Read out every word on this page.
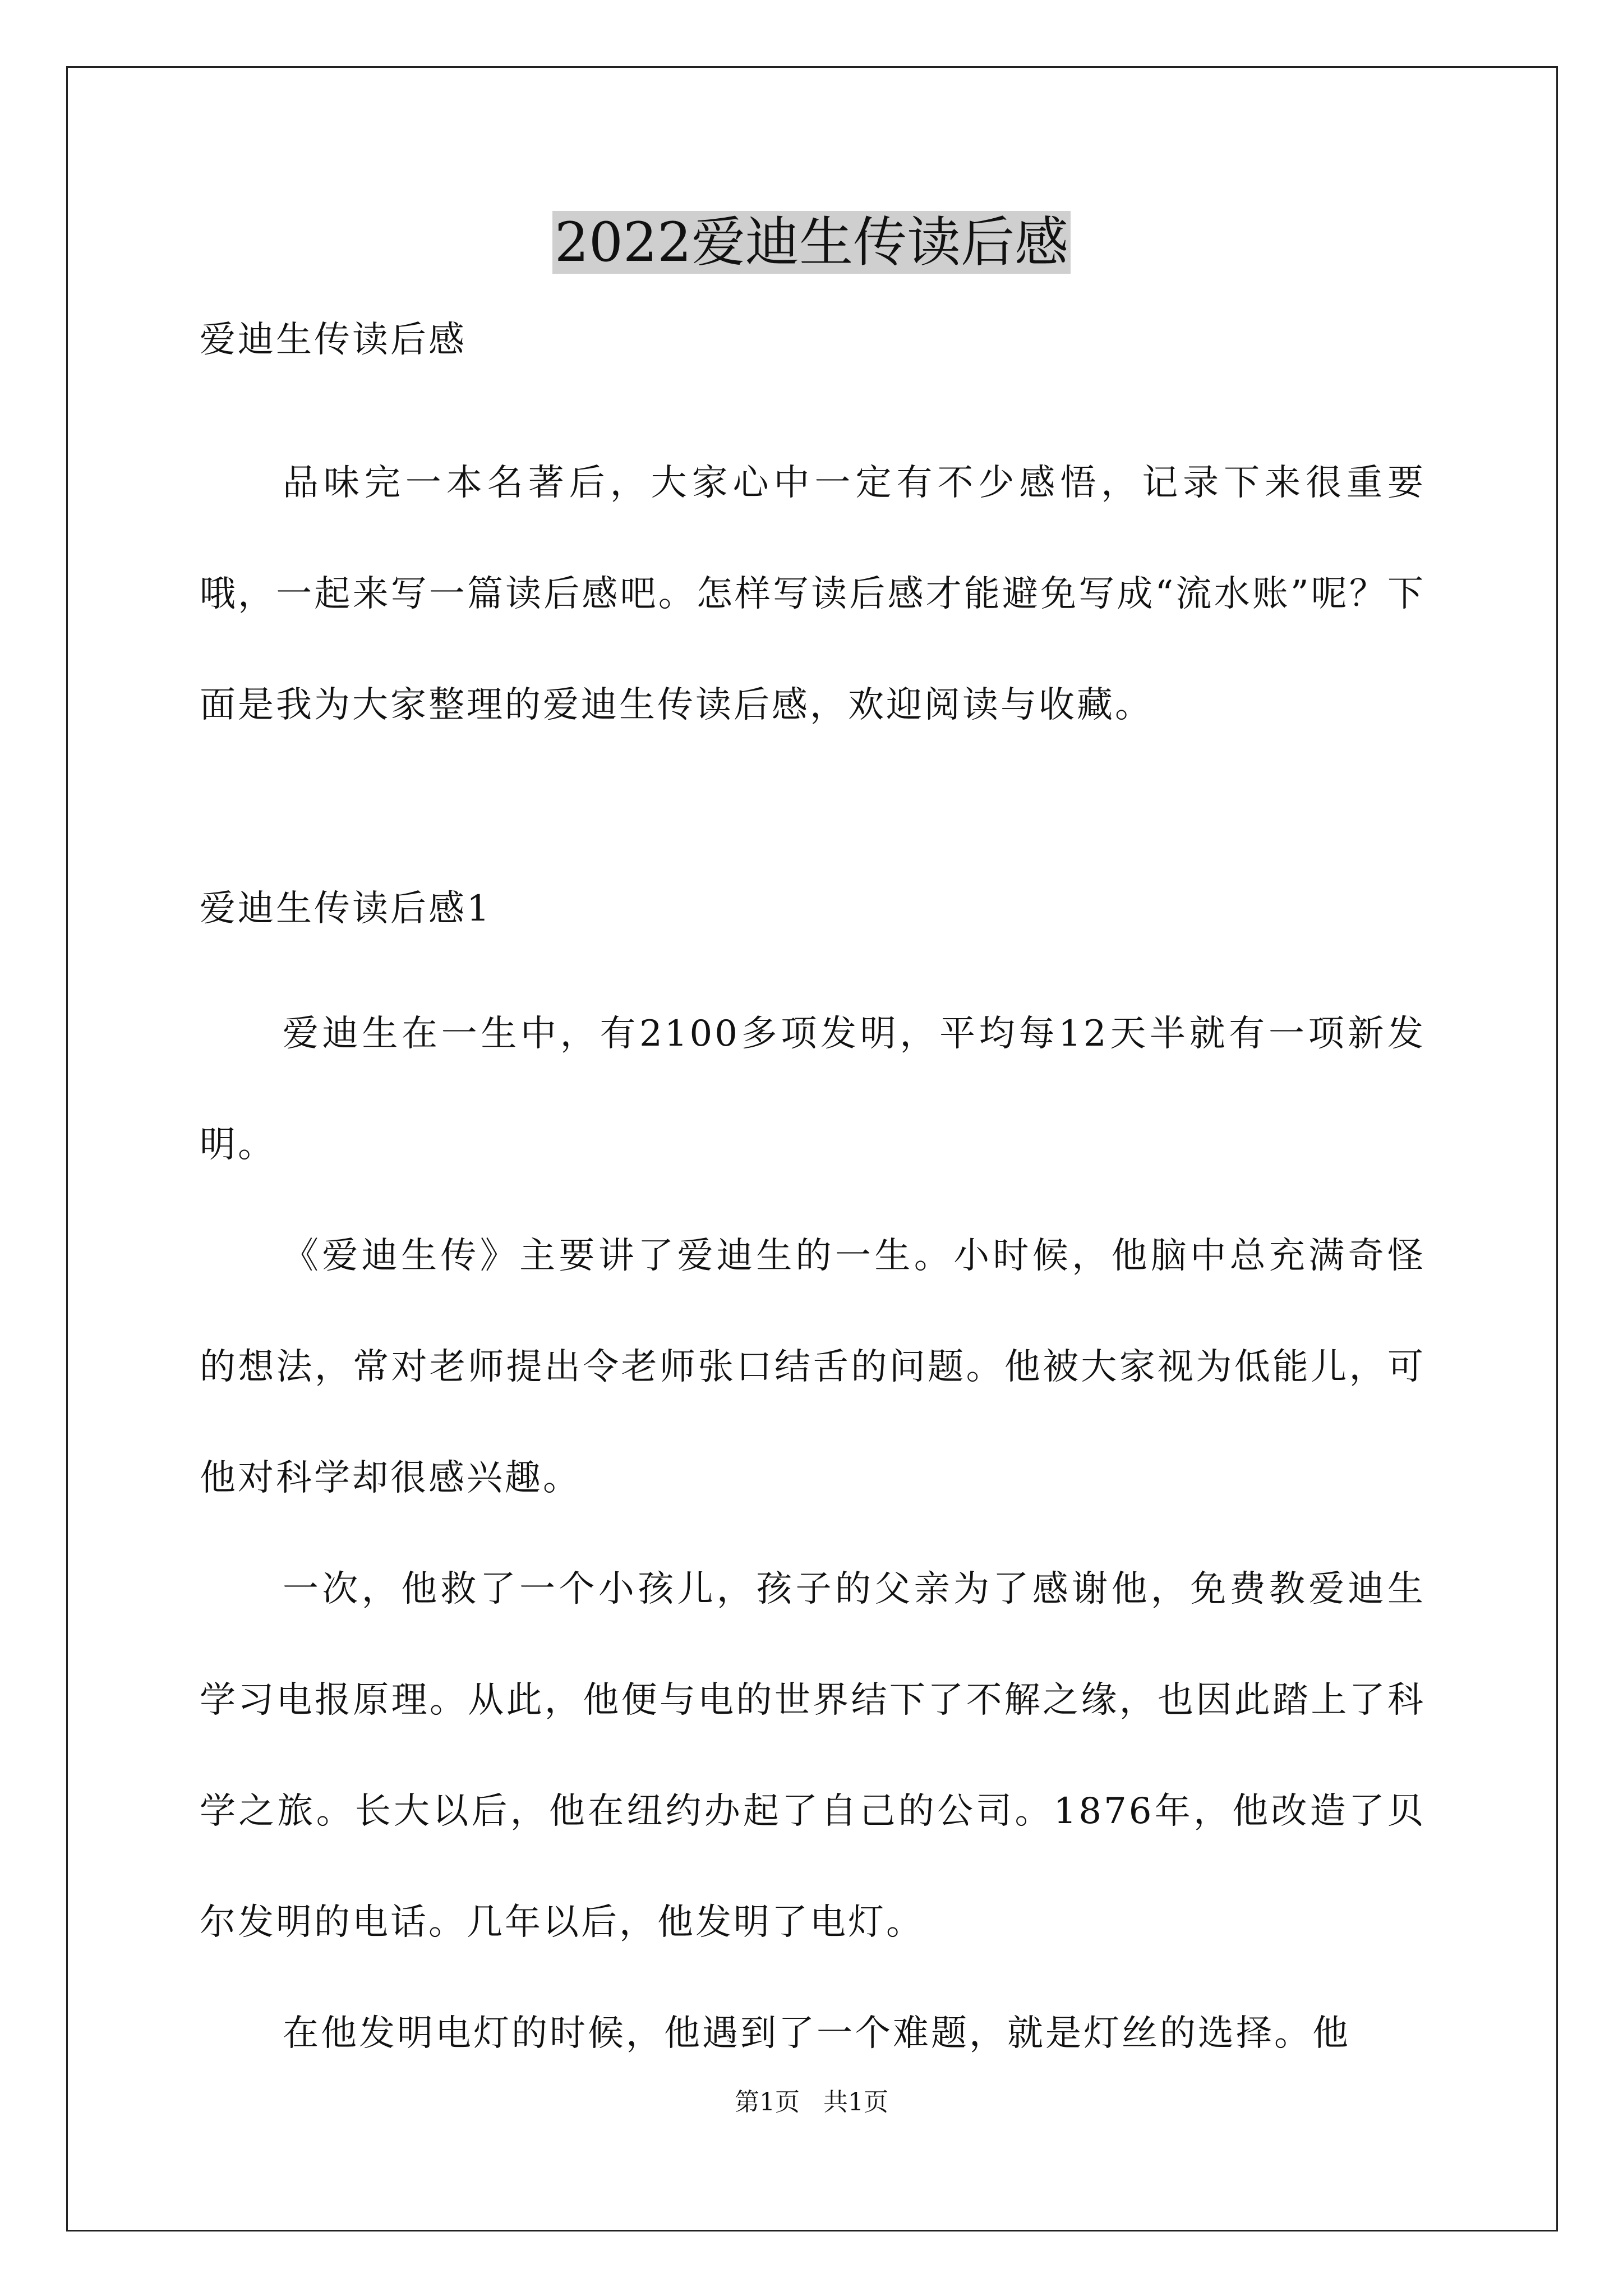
2022爱迪生传读后感
爱迪生传读后感

品味完一本名著后，大家心中一定有不少感悟，记录下来很重要哦，一起来写一篇读后感吧。怎样写读后感才能避免写成“流水账”呢？下面是我为大家整理的爱迪生传读后感，欢迎阅读与收藏。

爱迪生传读后感1

爱迪生在一生中，有2100多项发明，平均每12天半就有一项新发明。

《爱迪生传》主要讲了爱迪生的一生。小时候，他脑中总充满奇怪的想法，常对老师提出令老师张口结舌的问题。他被大家视为低能儿，可他对科学却很感兴趣。

一次，他救了一个小孩儿，孩子的父亲为了感谢他，免费教爱迪生学习电报原理。从此，他便与电的世界结下了不解之缘，也因此踏上了科学之旅。长大以后，他在纽约办起了自己的公司。1876年，他改造了贝尔发明的电话。几年以后，他发明了电灯。

在他发明电灯的时候，他遇到了一个难题，就是灯丝的选择。他

第1页   共1页
